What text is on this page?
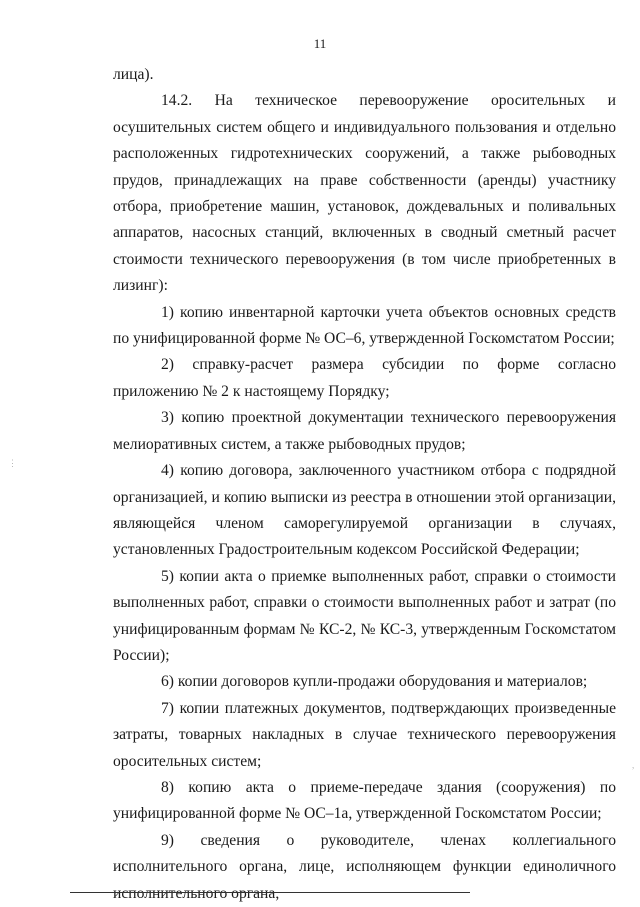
11

лица).

14.2. На техническое перевооружение оросительных и осушительных систем общего и индивидуального пользования и отдельно расположенных гидротехнических сооружений, а также рыбоводных прудов, принадлежащих на праве собственности (аренды) участнику отбора, приобретение машин, установок, дождевальных и поливальных аппаратов, насосных станций, включенных в сводный сметный расчет стоимости технического перевооружения (в том числе приобретенных в лизинг):

1) копию инвентарной карточки учета объектов основных средств по унифицированной форме № ОС–6, утвержденной Госкомстатом России;

2) справку-расчет размера субсидии по форме согласно приложению № 2 к настоящему Порядку;

3) копию проектной документации технического перевооружения мелиоративных систем, а также рыбоводных прудов;

4) копию договора, заключенного участником отбора с подрядной организацией, и копию выписки из реестра в отношении этой организации, являющейся членом саморегулируемой организации в случаях, установленных Градостроительным кодексом Российской Федерации;

5) копии акта о приемке выполненных работ, справки о стоимости выполненных работ, справки о стоимости выполненных работ и затрат (по унифицированным формам № КС-2, № КС-3, утвержденным Госкомстатом России);

6) копии договоров купли-продажи оборудования и материалов;

7) копии платежных документов, подтверждающих произведенные затраты, товарных накладных в случае технического перевооружения оросительных систем;

8) копию акта о приеме-передаче здания (сооружения) по унифицированной форме № ОС–1а, утвержденной Госкомстатом России;

9) сведения о руководителе, членах коллегиального исполнительного органа, лице, исполняющем функции единоличного исполнительного органа,

⋮
,
